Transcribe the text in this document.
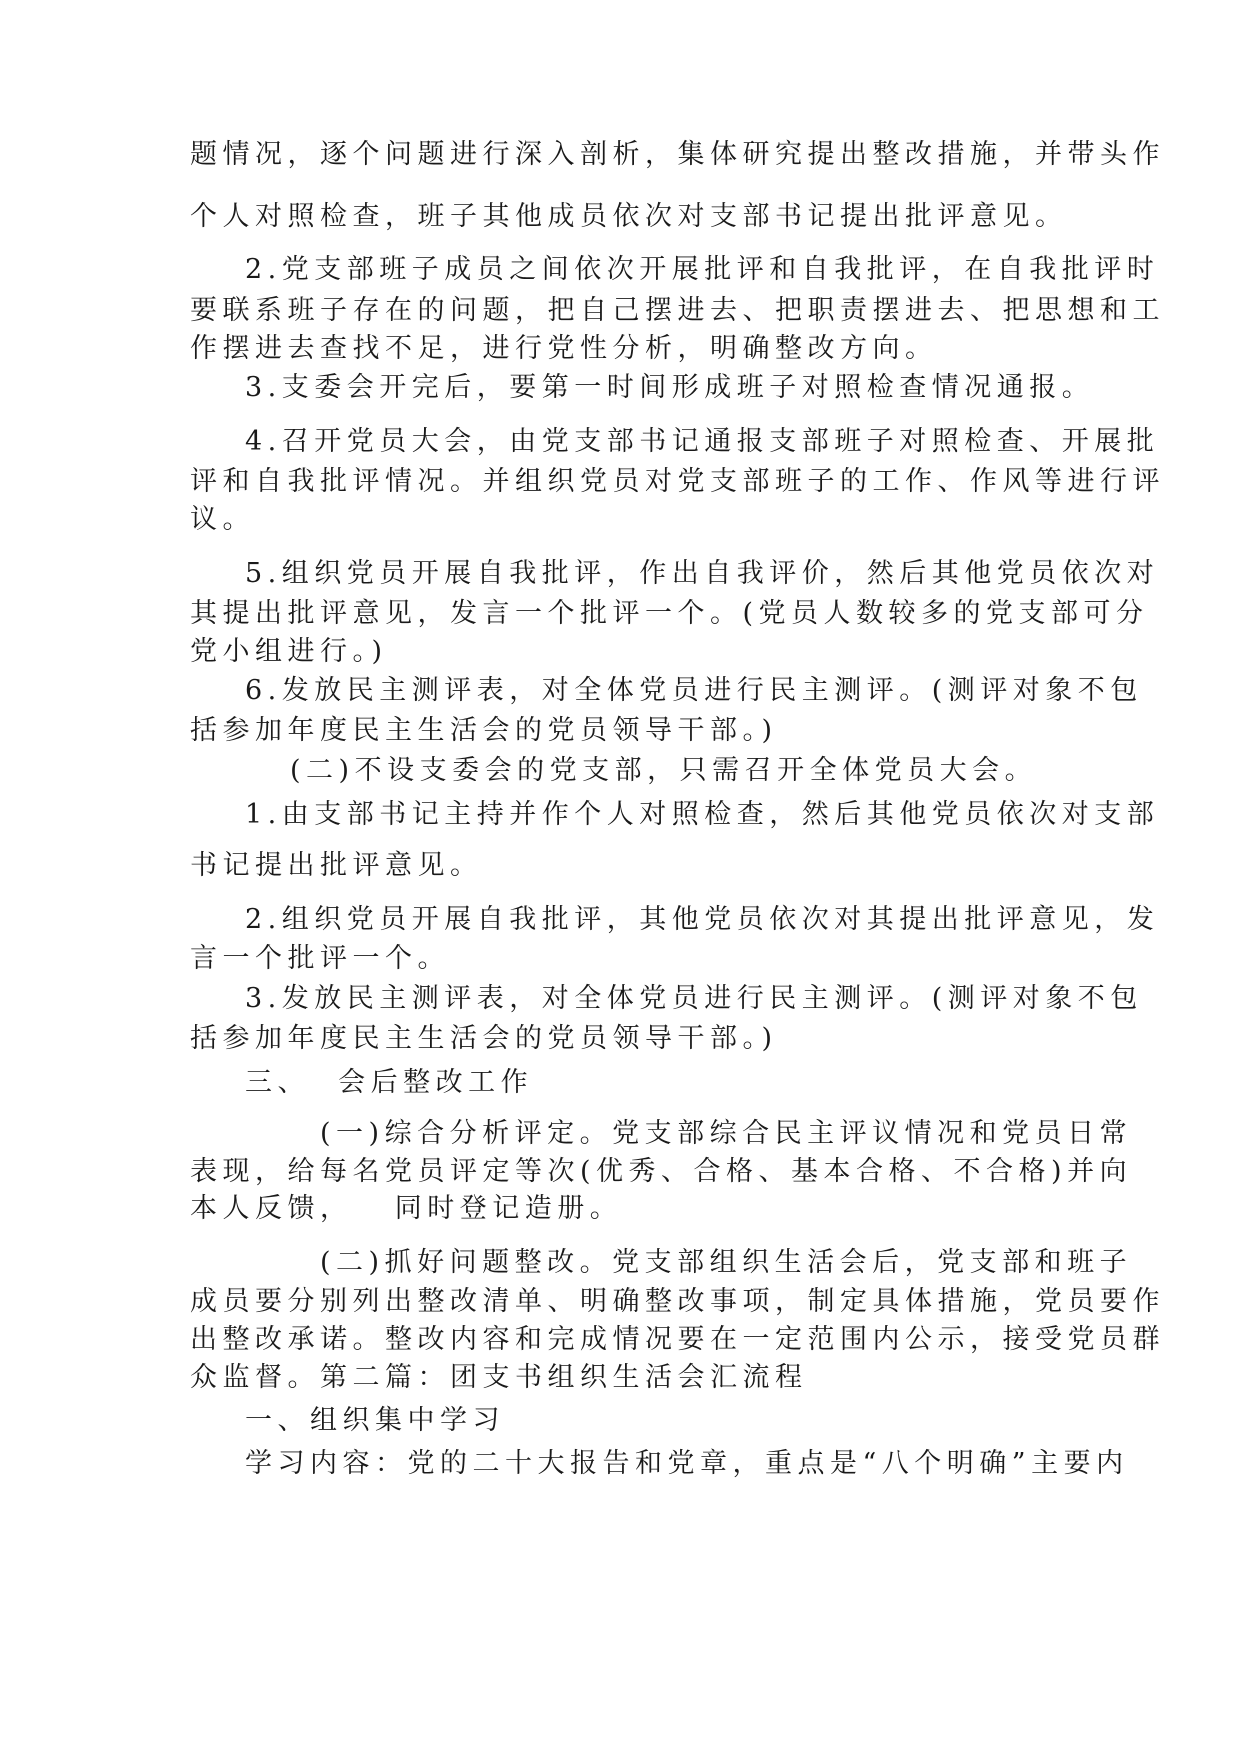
题情况，逐个问题进行深入剖析，集体研究提出整改措施，并带头作
个人对照检查，班子其他成员依次对支部书记提出批评意见。
2.党支部班子成员之间依次开展批评和自我批评，在自我批评时
要联系班子存在的问题，把自己摆进去、把职责摆进去、把思想和工
作摆进去查找不足，进行党性分析，明确整改方向。
3.支委会开完后，要第一时间形成班子对照检查情况通报。
4.召开党员大会，由党支部书记通报支部班子对照检查、开展批
评和自我批评情况。并组织党员对党支部班子的工作、作风等进行评
议。
5.组织党员开展自我批评，作出自我评价，然后其他党员依次对
其提出批评意见，发言一个批评一个。(党员人数较多的党支部可分
党小组进行。)
6.发放民主测评表，对全体党员进行民主测评。(测评对象不包
括参加年度民主生活会的党员领导干部。)
(二)不设支委会的党支部，只需召开全体党员大会。
1.由支部书记主持并作个人对照检查，然后其他党员依次对支部
书记提出批评意见。
2.组织党员开展自我批评，其他党员依次对其提出批评意见，发
言一个批评一个。
3.发放民主测评表，对全体党员进行民主测评。(测评对象不包
括参加年度民主生活会的党员领导干部。)
三、  会后整改工作
(一)综合分析评定。党支部综合民主评议情况和党员日常
表现，给每名党员评定等次(优秀、合格、基本合格、不合格)并向
本人反馈，   同时登记造册。
(二)抓好问题整改。党支部组织生活会后，党支部和班子
成员要分别列出整改清单、明确整改事项，制定具体措施，党员要作
出整改承诺。整改内容和完成情况要在一定范围内公示，接受党员群
众监督。第二篇：团支书组织生活会汇流程
一、组织集中学习
学习内容：党的二十大报告和党章，重点是“八个明确”主要内
